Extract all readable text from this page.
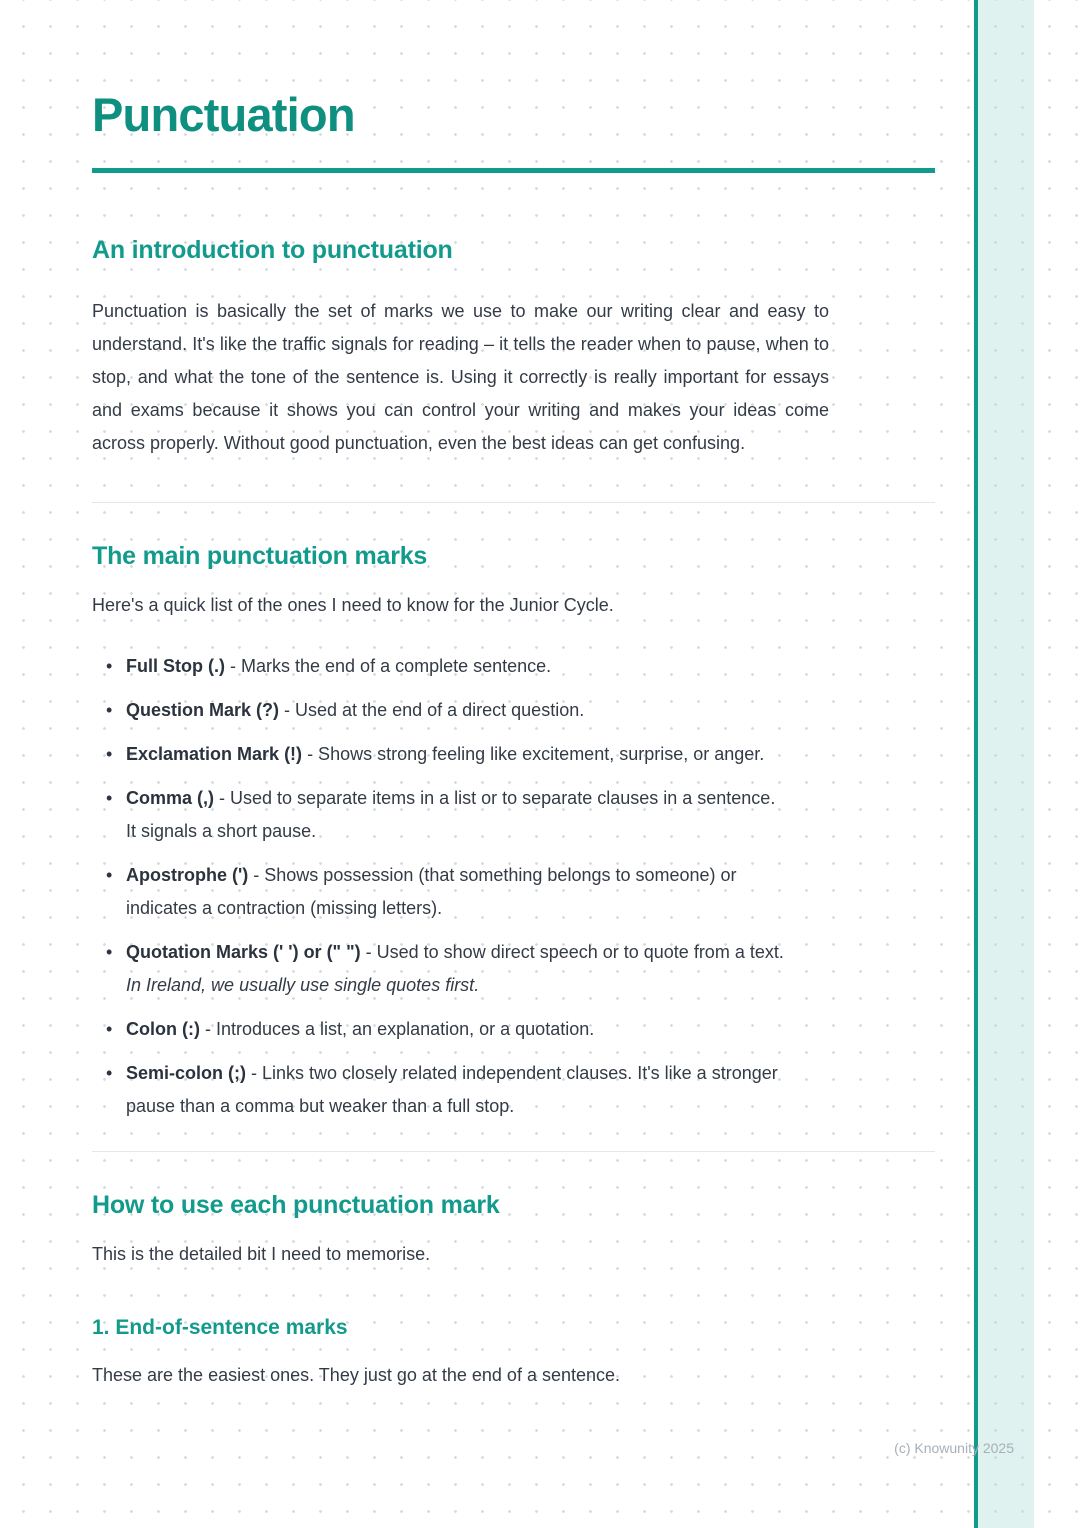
Punctuation
An introduction to punctuation

Punctuation is basically the set of marks we use to make our writing clear and easy to understand. It's like the traffic signals for reading – it tells the reader when to pause, when to stop, and what the tone of the sentence is. Using it correctly is really important for essays and exams because it shows you can control your writing and makes your ideas come across properly. Without good punctuation, even the best ideas can get confusing.

The main punctuation marks

Here's a quick list of the ones I need to know for the Junior Cycle.

• Full Stop (.) - Marks the end of a complete sentence.
• Question Mark (?) - Used at the end of a direct question.
• Exclamation Mark (!) - Shows strong feeling like excitement, surprise, or anger.
• Comma (,) - Used to separate items in a list or to separate clauses in a sentence. It signals a short pause.
• Apostrophe (') - Shows possession (that something belongs to someone) or indicates a contraction (missing letters).
• Quotation Marks (' ') or (" ") - Used to show direct speech or to quote from a text. In Ireland, we usually use single quotes first.
• Colon (:) - Introduces a list, an explanation, or a quotation.
• Semi-colon (;) - Links two closely related independent clauses. It's like a stronger pause than a comma but weaker than a full stop.
How to use each punctuation mark

This is the detailed bit I need to memorise.

1. End-of-sentence marks

These are the easiest ones. They just go at the end of a sentence.

(c) Knowunity 2025
